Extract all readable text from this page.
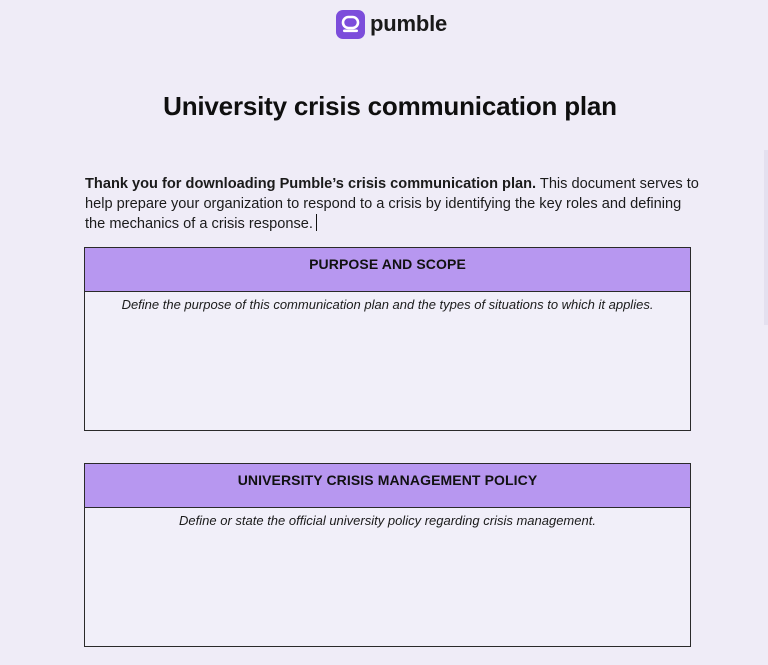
pumble
University crisis communication plan

Thank you for downloading Pumble’s crisis communication plan. This document serves to help prepare your organization to respond to a crisis by identifying the key roles and defining the mechanics of a crisis response.

PURPOSE AND SCOPE
Define the purpose of this communication plan and the types of situations to which it applies.
UNIVERSITY CRISIS MANAGEMENT POLICY
Define or state the official university policy regarding crisis management.
